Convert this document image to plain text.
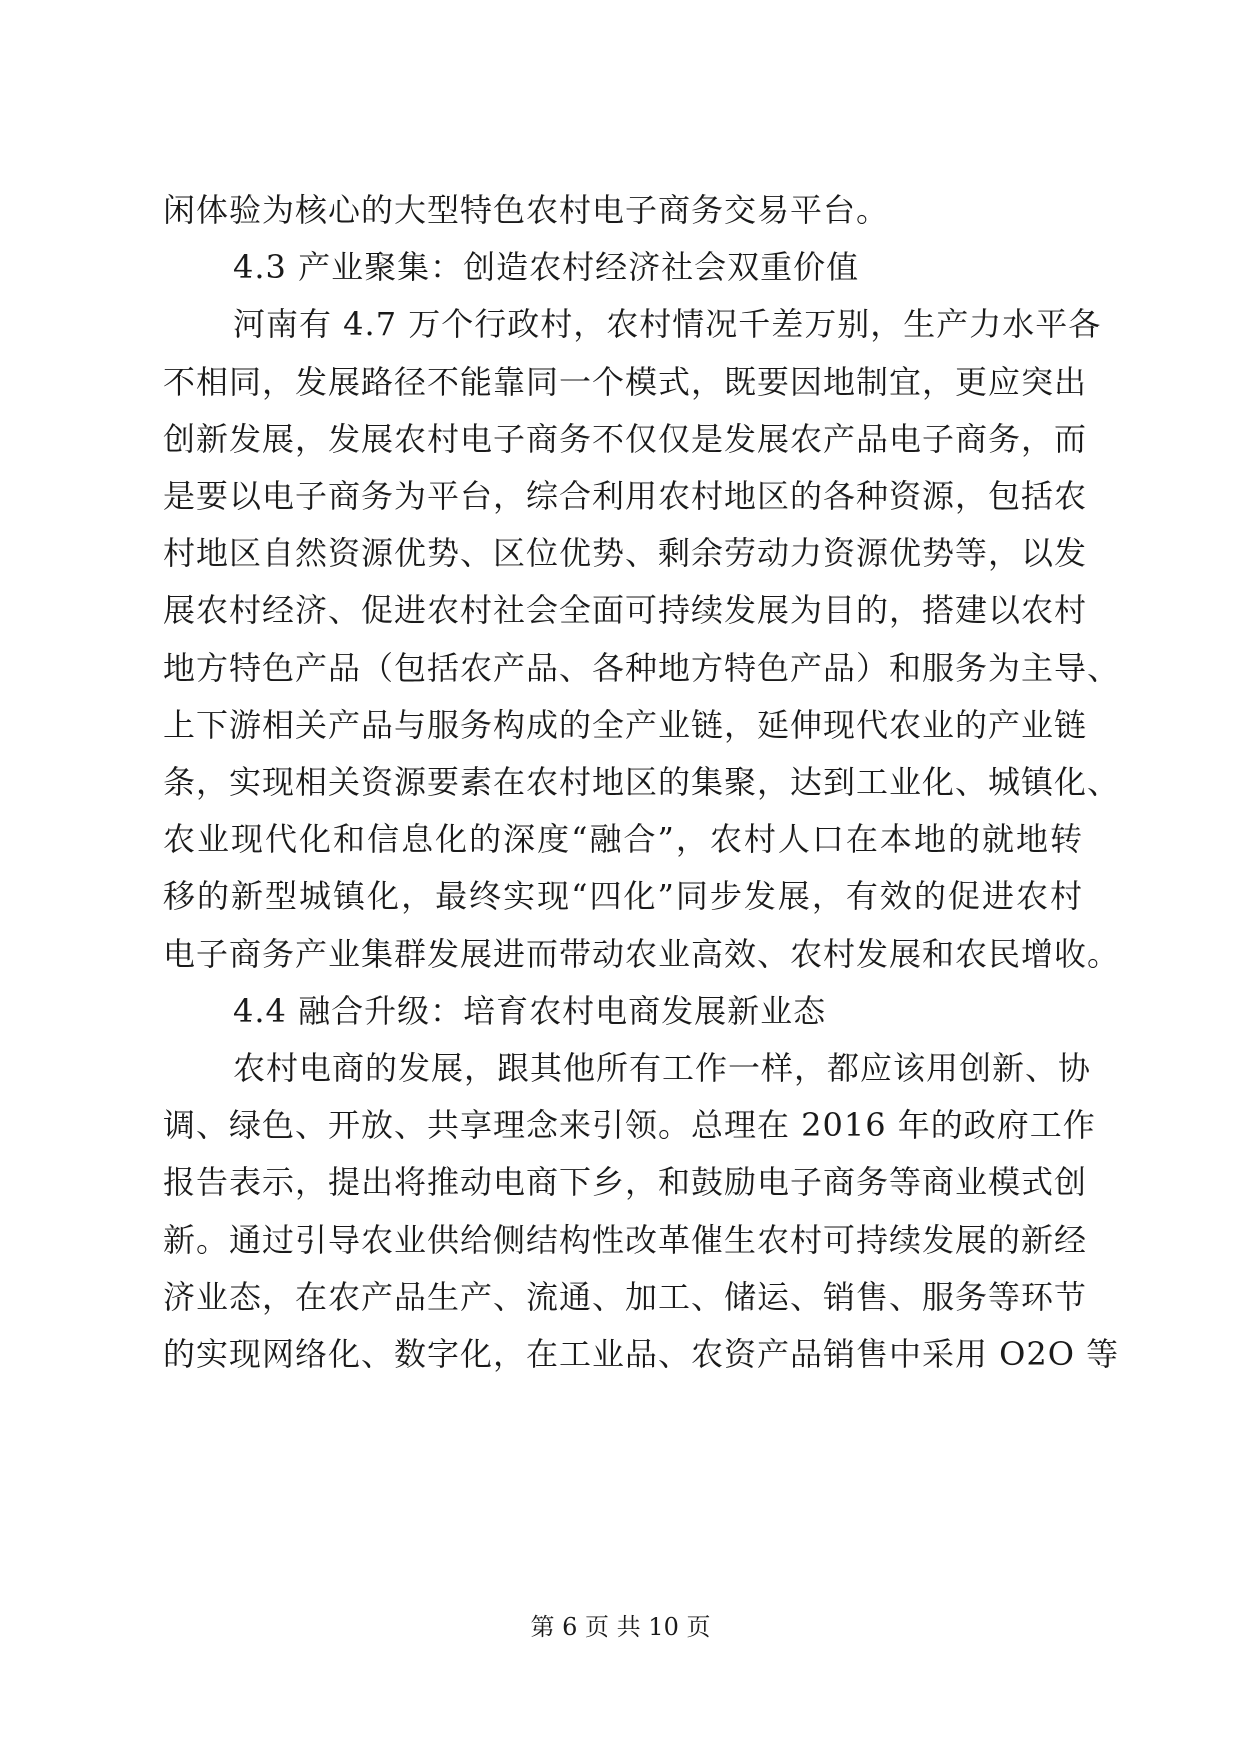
闲体验为核心的大型特色农村电子商务交易平台。
4.3 产业聚集：创造农村经济社会双重价值
河南有 4.7 万个行政村，农村情况千差万别，生产力水平各
不相同，发展路径不能靠同一个模式，既要因地制宜，更应突出
创新发展，发展农村电子商务不仅仅是发展农产品电子商务，而
是要以电子商务为平台，综合利用农村地区的各种资源，包括农
村地区自然资源优势、区位优势、剩余劳动力资源优势等，以发
展农村经济、促进农村社会全面可持续发展为目的，搭建以农村
地方特色产品（包括农产品、各种地方特色产品）和服务为主导、
上下游相关产品与服务构成的全产业链，延伸现代农业的产业链
条，实现相关资源要素在农村地区的集聚，达到工业化、城镇化、
农业现代化和信息化的深度“融合”，农村人口在本地的就地转
移的新型城镇化，最终实现“四化”同步发展，有效的促进农村
电子商务产业集群发展进而带动农业高效、农村发展和农民增收。
4.4 融合升级：培育农村电商发展新业态
农村电商的发展，跟其他所有工作一样，都应该用创新、协
调、绿色、开放、共享理念来引领。总理在 2016 年的政府工作
报告表示，提出将推动电商下乡，和鼓励电子商务等商业模式创
新。通过引导农业供给侧结构性改革催生农村可持续发展的新经
济业态，在农产品生产、流通、加工、储运、销售、服务等环节
的实现网络化、数字化，在工业品、农资产品销售中采用 O2O 等
第 6 页 共 10 页
